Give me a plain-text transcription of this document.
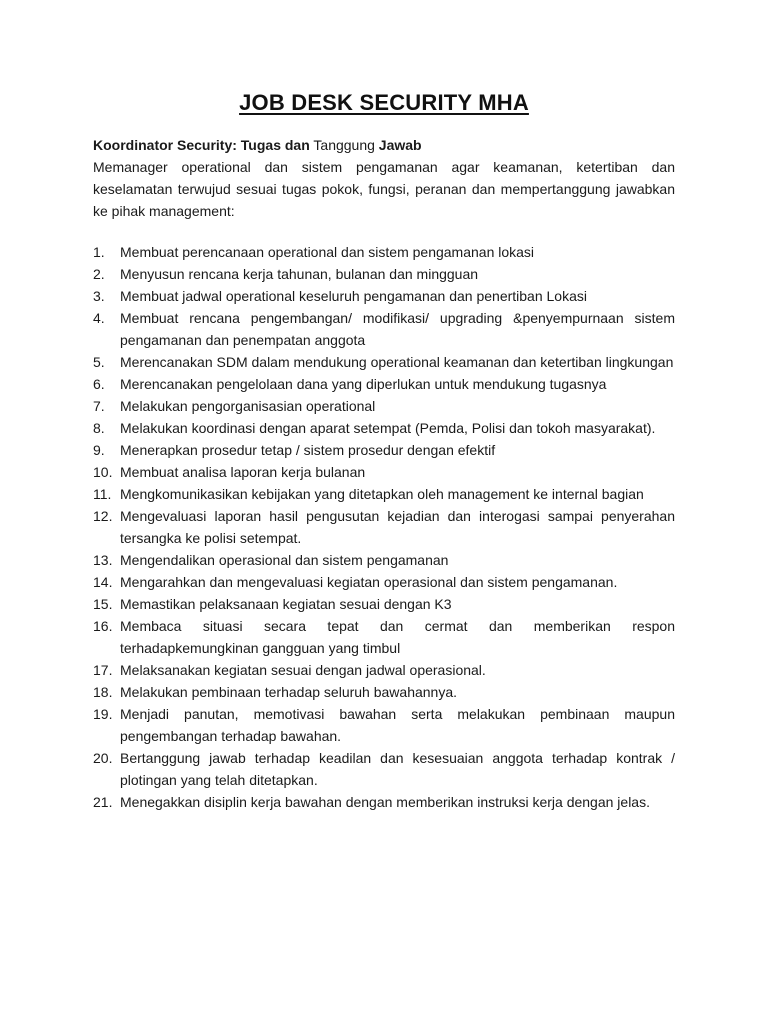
JOB DESK SECURITY MHA
Koordinator Security: Tugas dan Tanggung Jawab

Memanager operational dan sistem pengamanan agar keamanan, ketertiban dan keselamatan terwujud sesuai tugas pokok, fungsi, peranan dan mempertanggung jawabkan ke pihak management:

1.	Membuat perencanaan operational dan sistem pengamanan lokasi
2.	Menyusun rencana kerja tahunan, bulanan dan mingguan
3.	Membuat jadwal operational keseluruh pengamanan dan penertiban Lokasi
4.	Membuat rencana pengembangan/ modifikasi/ upgrading &penyempurnaan sistem pengamanan dan penempatan anggota
5.	Merencanakan SDM dalam mendukung operational keamanan dan ketertiban lingkungan
6.	Merencanakan pengelolaan dana yang diperlukan untuk mendukung tugasnya
7.	Melakukan pengorganisasian operational
8.	Melakukan koordinasi dengan aparat setempat (Pemda, Polisi dan tokoh masyarakat).
9.	Menerapkan prosedur tetap / sistem prosedur dengan efektif
10. Membuat analisa laporan kerja bulanan
11. Mengkomunikasikan kebijakan yang ditetapkan oleh management ke internal bagian
12. Mengevaluasi laporan hasil pengusutan kejadian dan interogasi sampai penyerahan tersangka ke polisi setempat.
13. Mengendalikan operasional dan sistem pengamanan
14. Mengarahkan dan mengevaluasi kegiatan operasional dan sistem pengamanan.
15. Memastikan pelaksanaan kegiatan sesuai dengan K3
16. Membaca situasi secara tepat dan cermat dan memberikan respon terhadapkemungkinan gangguan yang timbul
17. Melaksanakan kegiatan sesuai dengan jadwal operasional.
18. Melakukan pembinaan terhadap seluruh bawahannya.
19. Menjadi panutan, memotivasi bawahan serta melakukan pembinaan maupun pengembangan terhadap bawahan.
20. Bertanggung jawab terhadap keadilan dan kesesuaian anggota terhadap kontrak / plotingan yang telah ditetapkan.
21. Menegakkan disiplin kerja bawahan dengan memberikan instruksi kerja dengan jelas.
